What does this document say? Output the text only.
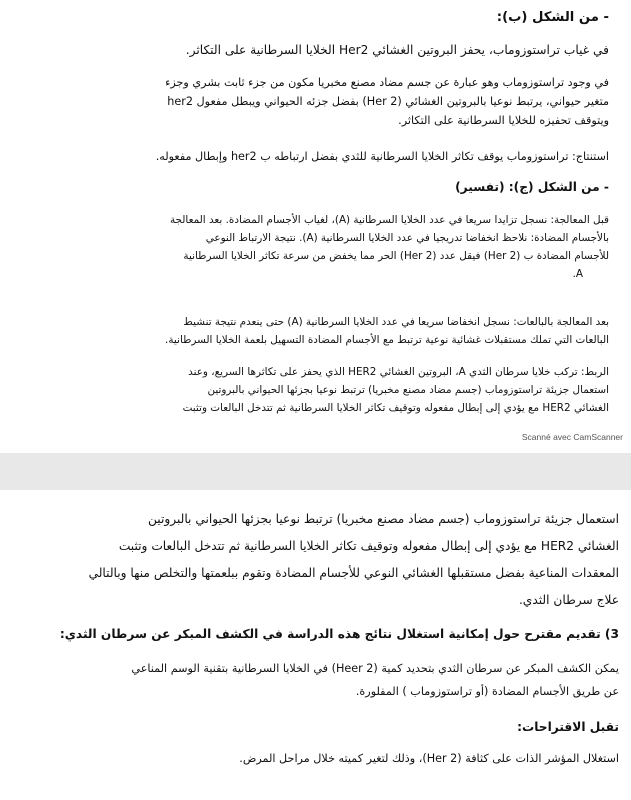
- من الشكل (ب):
في غياب تراستوزوماب، يحفز البروتين الغشائي Her2 الخلايا السرطانية على التكاثر.
في وجود تراستوزوماب وهو عبارة عن جسم مضاد مصنع مخبريا مكون من جزء ثابت بشري وجزء
متغير حيواني، يرتبط نوعيا بالبروتين الغشائي (Her 2) بفضل جزئه الحيواني ويبطل مفعول her2
ويتوقف تحفيزه للخلايا السرطانية على التكاثر.
استنتاج: تراستوزوماب يوقف تكاثر الخلايا السرطانية للثدي بفضل ارتباطه ب her2 وإبطال مفعوله.
- من الشكل (ج): (تفسير)
قبل المعالجة: نسجل تزايدا سريعا في عدد الخلايا السرطانية (A)، لغياب الأجسام المضادة. بعد المعالجة
بالأجسام المضادة: نلاحظ انخفاضا تدريجيا في عدد الخلايا السرطانية (A). نتيجة الارتباط النوعي
للأجسام المضادة ب (Her 2) فيقل عدد (Her 2) الحر مما يخفض من سرعة تكاثر الخلايا السرطانية
A.
بعد المعالجة بالبالعات: نسجل انخفاضا سريعا في عدد الخلايا السرطانية (A) حتى ينعدم نتيجة تنشيط
البالعات التي تملك مستقبلات غشائية نوعية ترتبط مع الأجسام المضادة التسهيل بلعمة الخلايا السرطانية.
الربط: تركب خلايا سرطان الثدي A، البروتين الغشائي HER2 الذي يحفز على تكاثرها السريع، وعند
استعمال جزيئة تراستوزوماب (جسم مضاد مصنع مخبريا) ترتبط نوعيا بجزئها الحيواني بالبروتين
الغشائي HER2 مع يؤدي إلى إبطال مفعوله وتوقيف تكاثر الخلايا السرطانية ثم تتدخل البالعات وتثبت
Scanné avec CamScanner
استعمال جزيئة تراستوزوماب (جسم مضاد مصنع مخبريا) ترتبط نوعيا بجزئها الحيواني بالبروتين
الغشائي HER2 مع يؤدي إلى إبطال مفعوله وتوقيف تكاثر الخلايا السرطانية ثم تتدخل البالعات وتثبت
المعقدات المناعية بفضل مستقبلها الغشائي النوعي للأجسام المضادة وتقوم ببلعمتها والتخلص منها وبالتالي
علاج سرطان الثدي.
3) تقديم مقترح حول إمكانية استغلال نتائج هذه الدراسة في الكشف المبكر عن سرطان الثدي:
يمكن الكشف المبكر عن سرطان الثدي بتحديد كمية (Heer 2) في الخلايا السرطانية بتقنية الوسم المناعي
عن طريق الأجسام المضادة (أو تراستوزوماب ) المفلورة.
تقبل الاقتراحات:
استغلال المؤشر الذات على كثافة (Her 2)، وذلك لتغير كميته خلال مراحل المرض.
